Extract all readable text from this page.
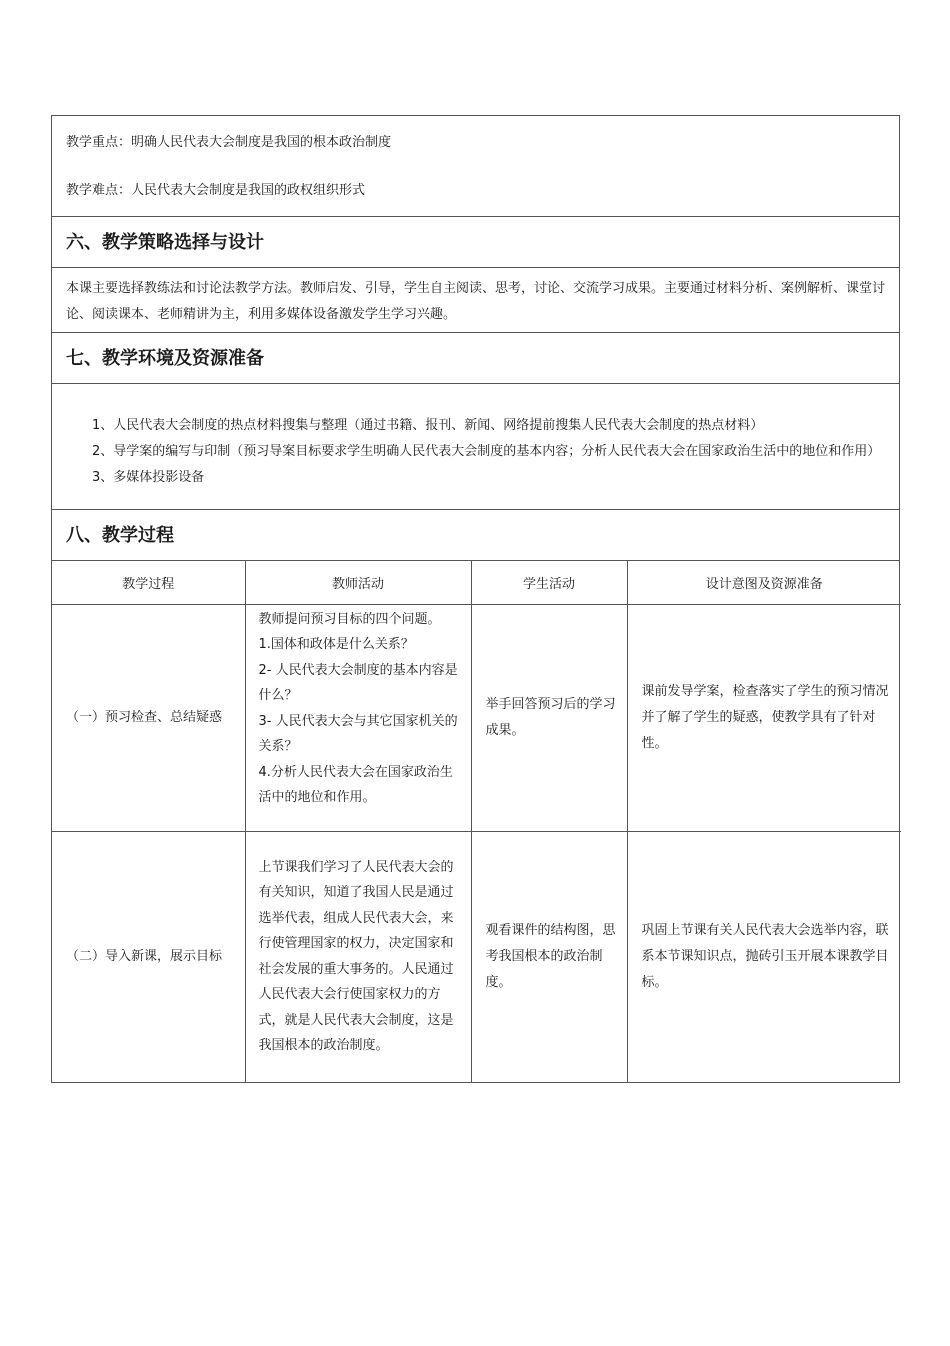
教学重点：明确人民代表大会制度是我国的根本政治制度

教学难点：人民代表大会制度是我国的政权组织形式

六、教学策略选择与设计
本课主要选择教练法和讨论法教学方法。教师启发、引导，学生自主阅读、思考，讨论、交流学习成果。主要通过材料分析、案例解析、课堂讨论、阅读课本、老师精讲为主，利用多媒体设备激发学生学习兴趣。
七、教学环境及资源准备

1、人民代表大会制度的热点材料搜集与整理（通过书籍、报刊、新闻、网络提前搜集人民代表大会制度的热点材料）

2、导学案的编写与印制（预习导案目标要求学生明确人民代表大会制度的基本内容；分析人民代表大会在国家政治生活中的地位和作用）

3、多媒体投影设备

八、教学过程
教学过程	教师活动	学生活动	设计意图及资源准备
（一）预习检查、总结疑惑	教师提问预习目标的四个问题。
1.国体和政体是什么关系？
2- 人民代表大会制度的基本内容是什么？
3- 人民代表大会与其它国家机关的关系？
4.分析人民代表大会在国家政治生活中的地位和作用。	举手回答预习后的学习成果。	课前发导学案，检查落实了学生的预习情况并了解了学生的疑惑，使教学具有了针对性。
（二）导入新课，展示目标	上节课我们学习了人民代表大会的有关知识，知道了我国人民是通过选举代表，组成人民代表大会，来行使管理国家的权力，决定国家和社会发展的重大事务的。人民通过人民代表大会行使国家权力的方式，就是人民代表大会制度，这是我国根本的政治制度。	观看课件的结构图，思考我国根本的政治制度。	巩固上节课有关人民代表大会选举内容，联系本节课知识点，抛砖引玉开展本课教学目标。
